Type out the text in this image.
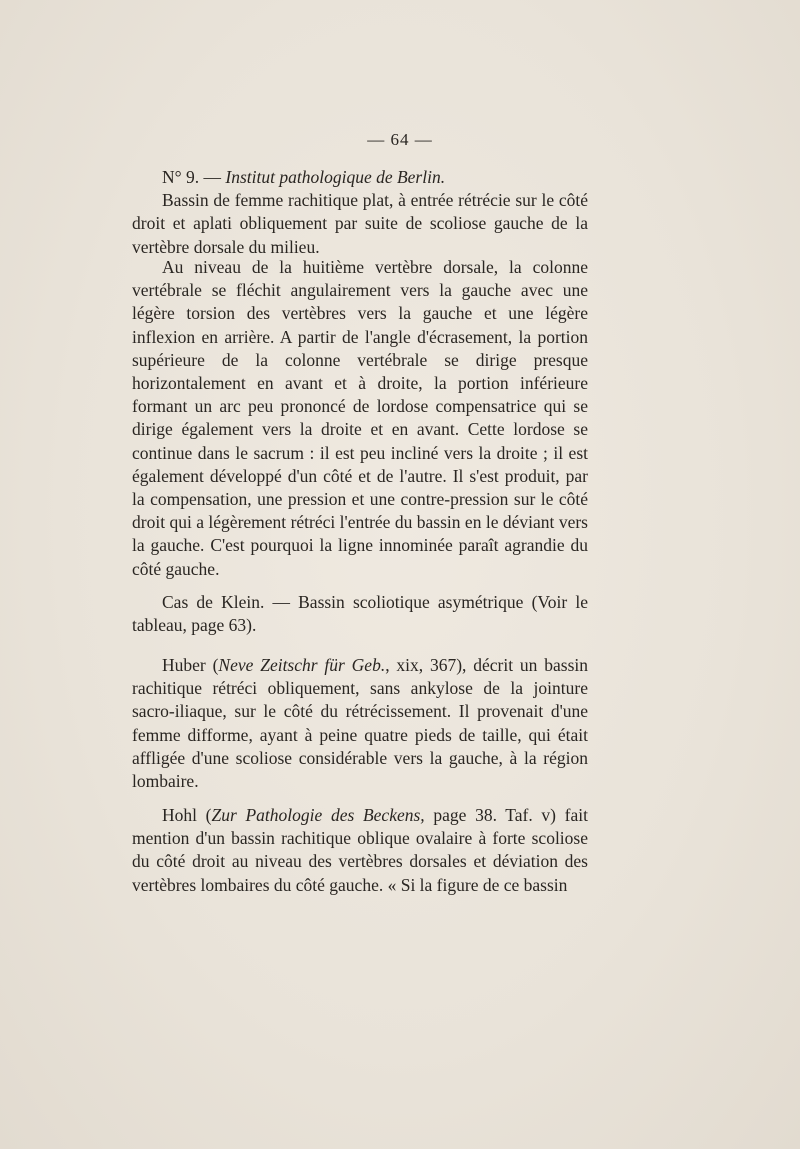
— 64 —

N° 9. — Institut pathologique de Berlin.

Bassin de femme rachitique plat, à entrée rétrécie sur le côté droit et aplati obliquement par suite de scoliose gauche de la vertèbre dorsale du milieu.

Au niveau de la huitième vertèbre dorsale, la colonne vertébrale se fléchit angulairement vers la gauche avec une légère torsion des vertèbres vers la gauche et une légère inflexion en arrière. A partir de l'angle d'écrasement, la portion supérieure de la colonne vertébrale se dirige presque horizontalement en avant et à droite, la portion inférieure formant un arc peu prononcé de lordose compensatrice qui se dirige également vers la droite et en avant. Cette lordose se continue dans le sacrum : il est peu incliné vers la droite ; il est également développé d'un côté et de l'autre. Il s'est produit, par la compensation, une pression et une contre-pression sur le côté droit qui a légèrement rétréci l'entrée du bassin en le déviant vers la gauche. C'est pourquoi la ligne innominée paraît agrandie du côté gauche.

Cas de Klein. — Bassin scoliotique asymétrique (Voir le tableau, page 63).

Huber (Neve Zeitschr für Geb., xix, 367), décrit un bassin rachitique rétréci obliquement, sans ankylose de la jointure sacro-iliaque, sur le côté du rétrécissement. Il provenait d'une femme difforme, ayant à peine quatre pieds de taille, qui était affligée d'une scoliose considérable vers la gauche, à la région lombaire.

Hohl (Zur Pathologie des Beckens, page 38. Taf. v) fait mention d'un bassin rachitique oblique ovalaire à forte scoliose du côté droit au niveau des vertèbres dorsales et déviation des vertèbres lombaires du côté gauche. « Si la figure de ce bassin
